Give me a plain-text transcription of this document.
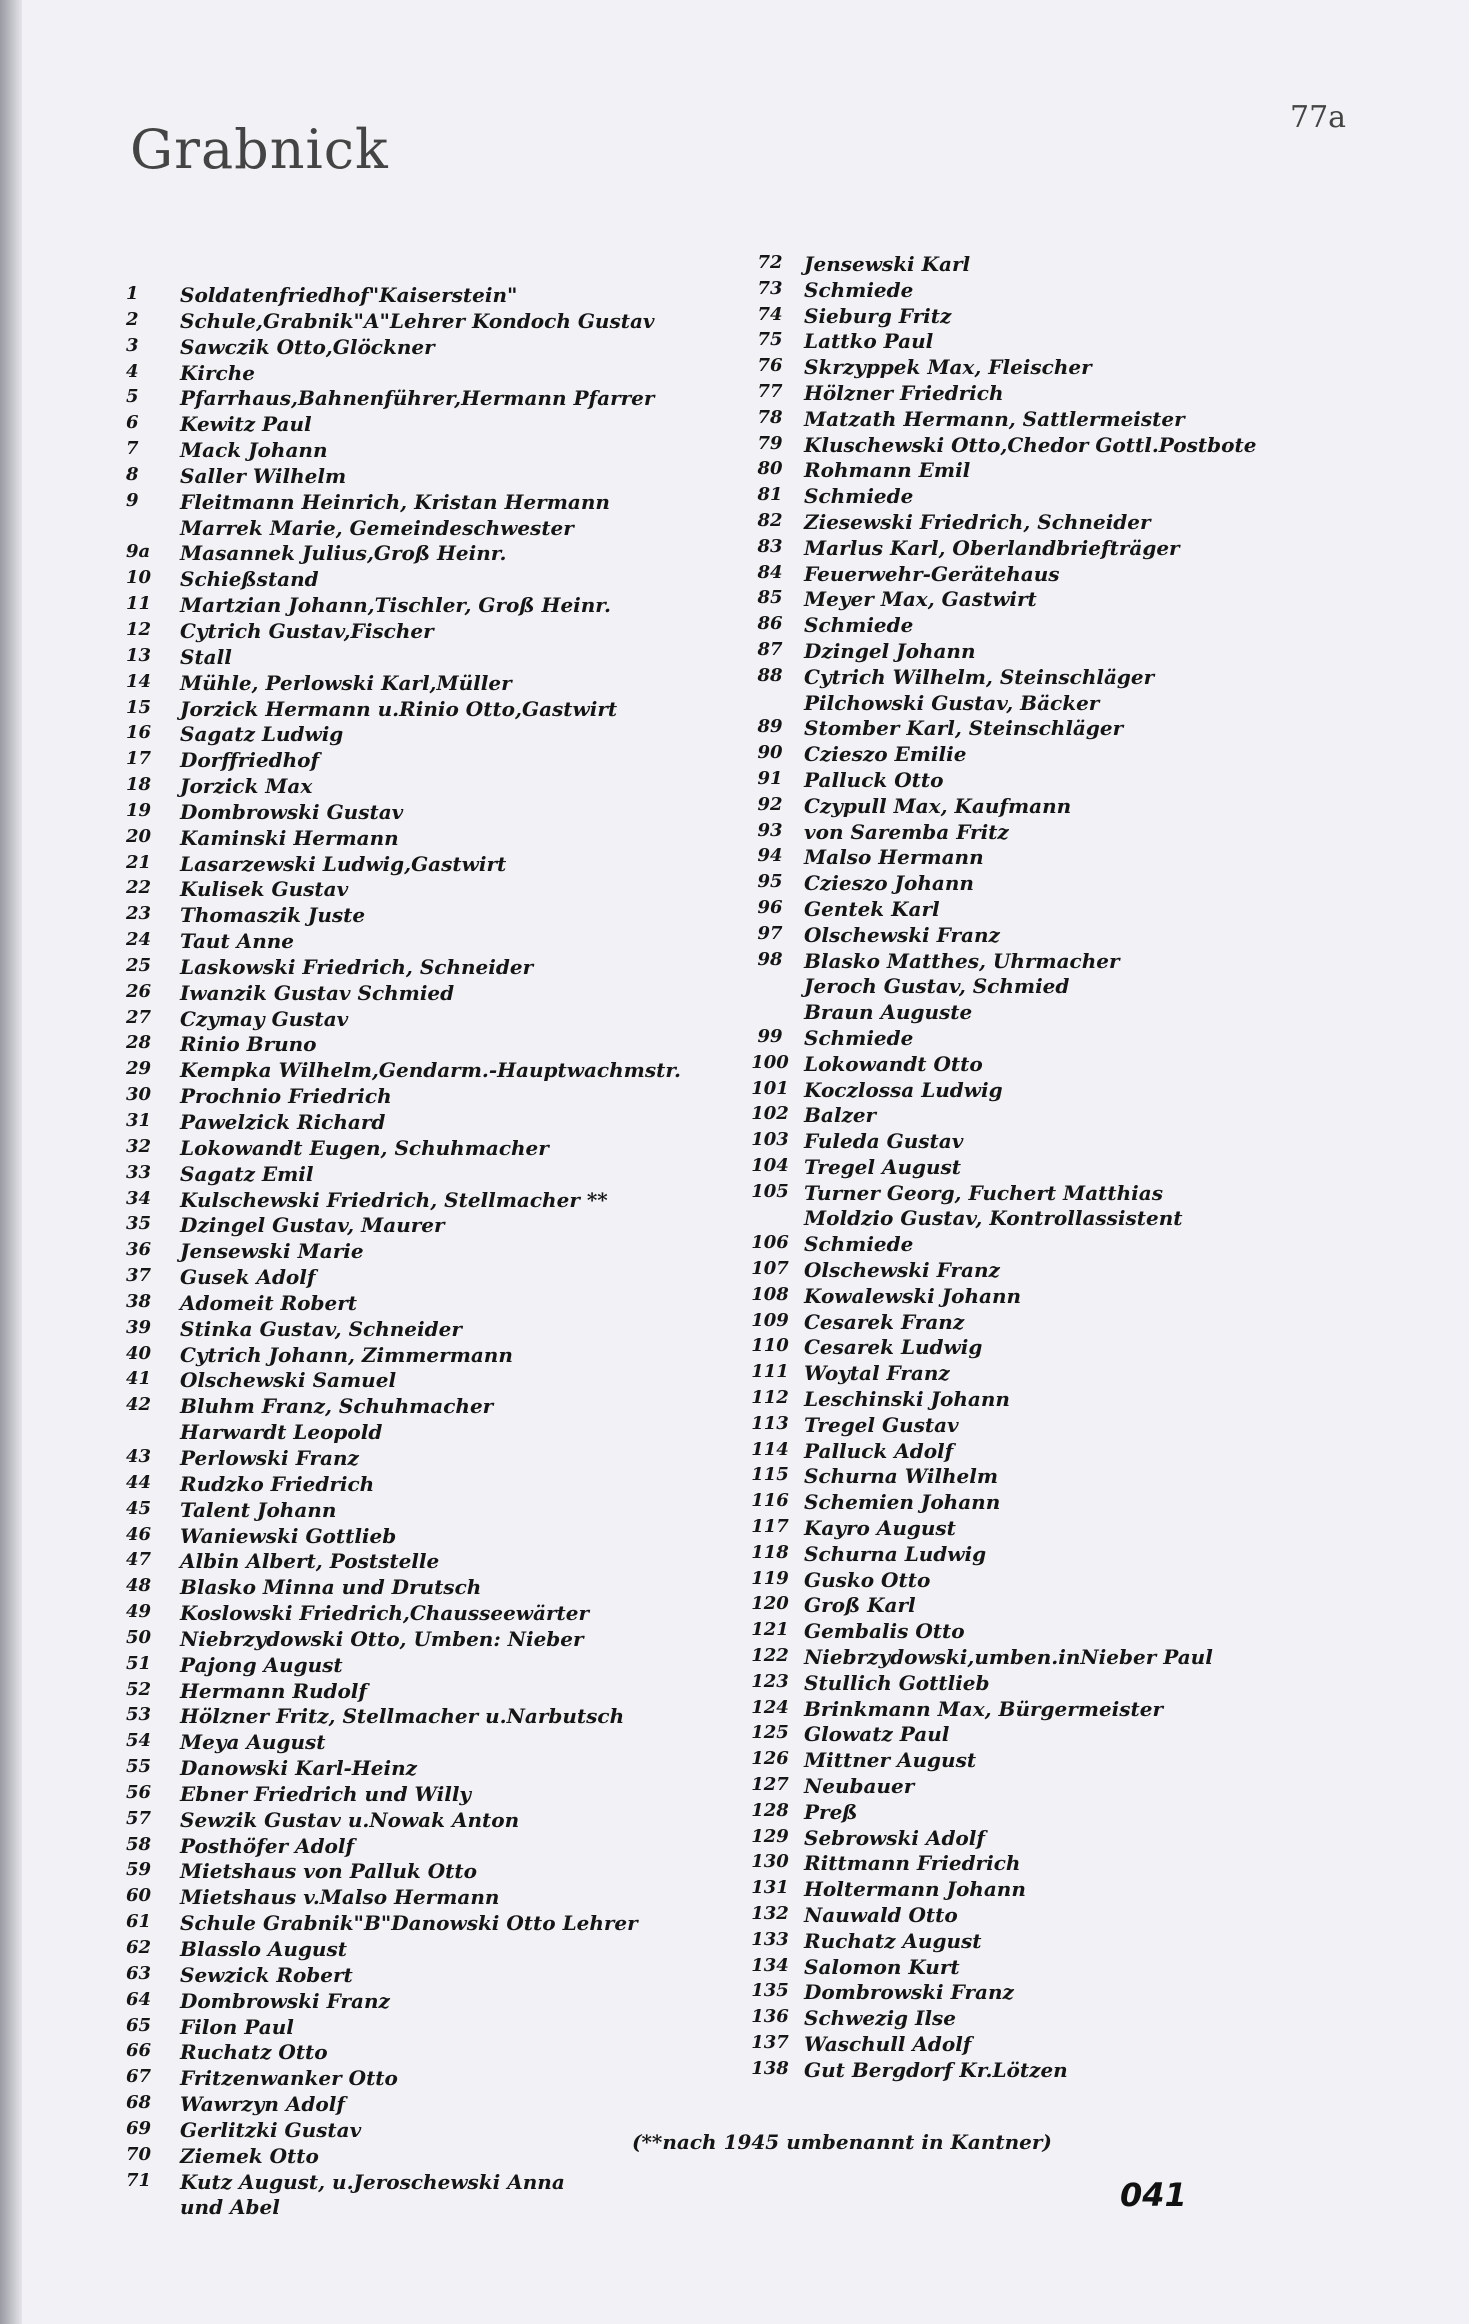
Grabnick
77a
1	Soldatenfriedhof"Kaiserstein"
2	Schule,Grabnik"A"Lehrer Kondoch Gustav
3	Sawczik Otto,Glöckner
4	Kirche
5	Pfarrhaus,Bahnenführer,Hermann Pfarrer
6	Kewitz Paul
7	Mack Johann
8	Saller Wilhelm
9	Fleitmann Heinrich, Kristan Hermann
Marrek Marie, Gemeindeschwester
9a	Masannek Julius,Groß Heinr.
10	Schießstand
11	Martzian Johann,Tischler, Groß Heinr.
12	Cytrich Gustav,Fischer
13	Stall
14	Mühle, Perlowski Karl,Müller
15	Jorzick Hermann u.Rinio Otto,Gastwirt
16	Sagatz Ludwig
17	Dorffriedhof
18	Jorzick Max
19	Dombrowski Gustav
20	Kaminski Hermann
21	Lasarzewski Ludwig,Gastwirt
22	Kulisek Gustav
23	Thomaszik Juste
24	Taut Anne
25	Laskowski Friedrich, Schneider
26	Iwanzik Gustav Schmied
27	Czymay Gustav
28	Rinio Bruno
29	Kempka Wilhelm,Gendarm.-Hauptwachmstr.
30	Prochnio Friedrich
31	Pawelzick Richard
32	Lokowandt Eugen, Schuhmacher
33	Sagatz Emil
34	Kulschewski Friedrich, Stellmacher **
35	Dzingel Gustav, Maurer
36	Jensewski Marie
37	Gusek Adolf
38	Adomeit Robert
39	Stinka Gustav, Schneider
40	Cytrich Johann, Zimmermann
41	Olschewski Samuel
42	Bluhm Franz, Schuhmacher
Harwardt Leopold
43	Perlowski Franz
44	Rudzko Friedrich
45	Talent Johann
46	Waniewski Gottlieb
47	Albin Albert, Poststelle
48	Blasko Minna und Drutsch
49	Koslowski Friedrich,Chausseewärter
50	Niebrzydowski Otto, Umben: Nieber
51	Pajong August
52	Hermann Rudolf
53	Hölzner Fritz, Stellmacher u.Narbutsch
54	Meya August
55	Danowski Karl-Heinz
56	Ebner Friedrich und Willy
57	Sewzik Gustav u.Nowak Anton
58	Posthöfer Adolf
59	Mietshaus von Palluk Otto
60	Mietshaus v.Malso Hermann
61	Schule Grabnik"B"Danowski Otto Lehrer
62	Blasslo August
63	Sewzick Robert
64	Dombrowski Franz
65	Filon Paul
66	Ruchatz Otto
67	Fritzenwanker Otto
68	Wawrzyn Adolf
69	Gerlitzki Gustav
70	Ziemek Otto
71	Kutz August, u.Jeroschewski Anna
und Abel
72	Jensewski Karl
73	Schmiede
74	Sieburg Fritz
75	Lattko Paul
76	Skrzyppek Max, Fleischer
77	Hölzner Friedrich
78	Matzath Hermann, Sattlermeister
79	Kluschewski Otto,Chedor Gottl.Postbote
80	Rohmann Emil
81	Schmiede
82	Ziesewski Friedrich, Schneider
83	Marlus Karl, Oberlandbriefträger
84	Feuerwehr-Gerätehaus
85	Meyer Max, Gastwirt
86	Schmiede
87	Dzingel Johann
88	Cytrich Wilhelm, Steinschläger
Pilchowski Gustav, Bäcker
89	Stomber Karl, Steinschläger
90	Czieszo Emilie
91	Palluck Otto
92	Czypull Max, Kaufmann
93	von Saremba Fritz
94	Malso Hermann
95	Czieszo Johann
96	Gentek Karl
97	Olschewski Franz
98	Blasko Matthes, Uhrmacher
Jeroch Gustav, Schmied
Braun Auguste
99	Schmiede
100 Lokowandt Otto
101 Koczlossa Ludwig
102 Balzer
103 Fuleda Gustav
104 Tregel August
105 Turner Georg, Fuchert Matthias
Moldzio Gustav, Kontrollassistent
106 Schmiede
107 Olschewski Franz
108 Kowalewski Johann
109 Cesarek Franz
110 Cesarek Ludwig
111 Woytal Franz
112 Leschinski Johann
113 Tregel Gustav
114 Palluck Adolf
115 Schurna Wilhelm
116 Schemien Johann
117 Kayro August
118 Schurna Ludwig
119 Gusko Otto
120 Groß Karl
121 Gembalis Otto
122 Niebrzydowski,umben.inNieber Paul
123 Stullich Gottlieb
124 Brinkmann Max, Bürgermeister
125 Glowatz Paul
126 Mittner August
127 Neubauer
128 Preß
129 Sebrowski Adolf
130 Rittmann Friedrich
131 Holtermann Johann
132 Nauwald Otto
133 Ruchatz August
134 Salomon Kurt
135 Dombrowski Franz
136 Schwezig Ilse
137 Waschull Adolf
138 Gut Bergdorf Kr.Lötzen
(**nach 1945 umbenannt in Kantner)
041
